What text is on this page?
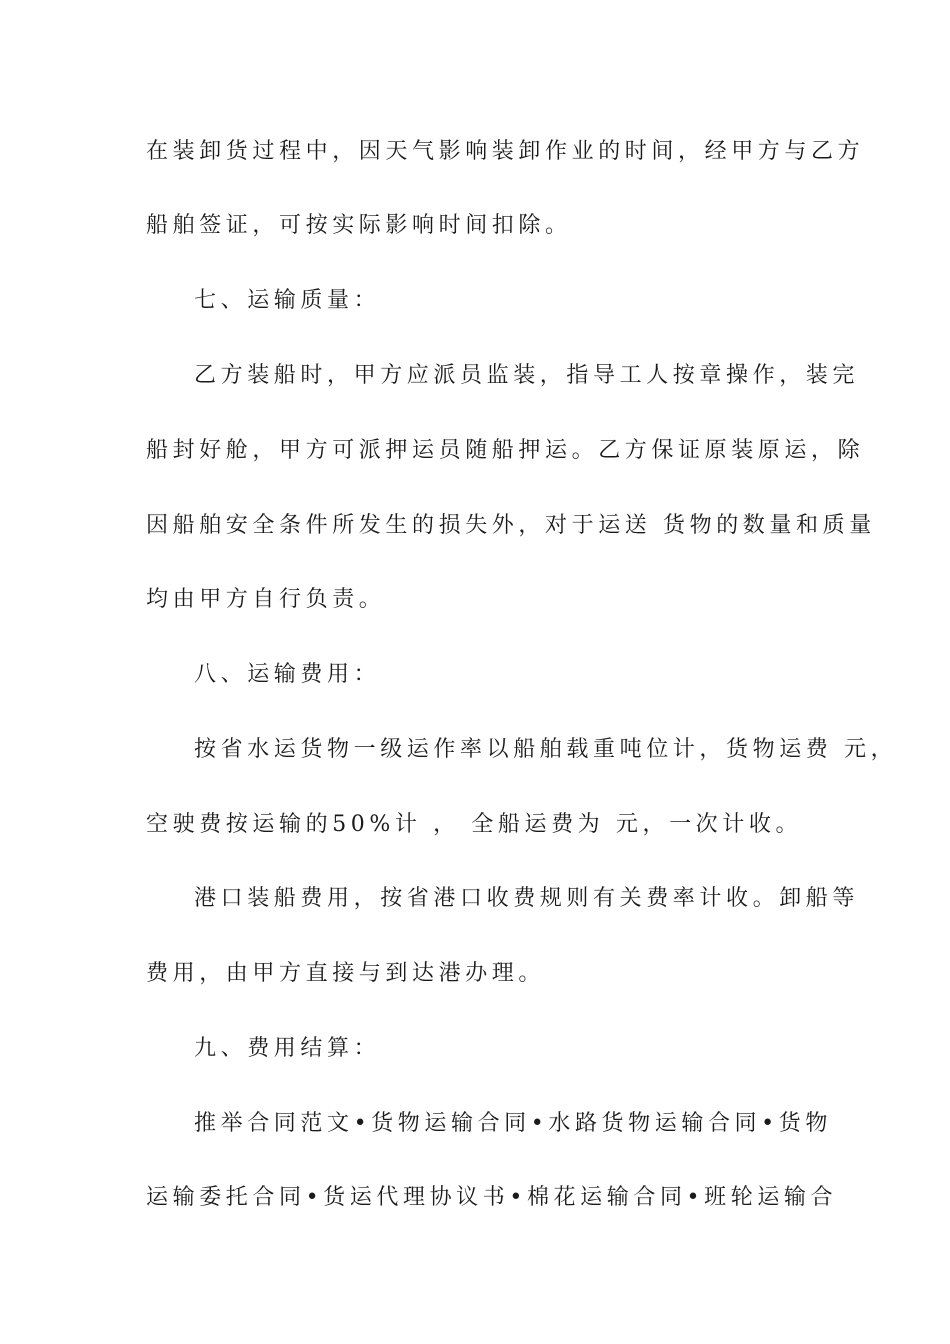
在装卸货过程中，因天气影响装卸作业的时间，经甲方与乙方

船舶签证，可按实际影响时间扣除。

七、运输质量：

乙方装船时，甲方应派员监装，指导工人按章操作，装完

船封好舱，甲方可派押运员随船押运。乙方保证原装原运，除

因船舶安全条件所发生的损失外，对于运送 货物的数量和质量

均由甲方自行负责。

八、运输费用：

按省水运货物一级运作率以船舶载重吨位计，货物运费 元，

空驶费按运输的50%计 ， 全船运费为 元，一次计收。

港口装船费用，按省港口收费规则有关费率计收。卸船等

费用，由甲方直接与到达港办理。

九、费用结算：

推举合同范文•货物运输合同•水路货物运输合同•货物

运输委托合同•货运代理协议书•棉花运输合同•班轮运输合
